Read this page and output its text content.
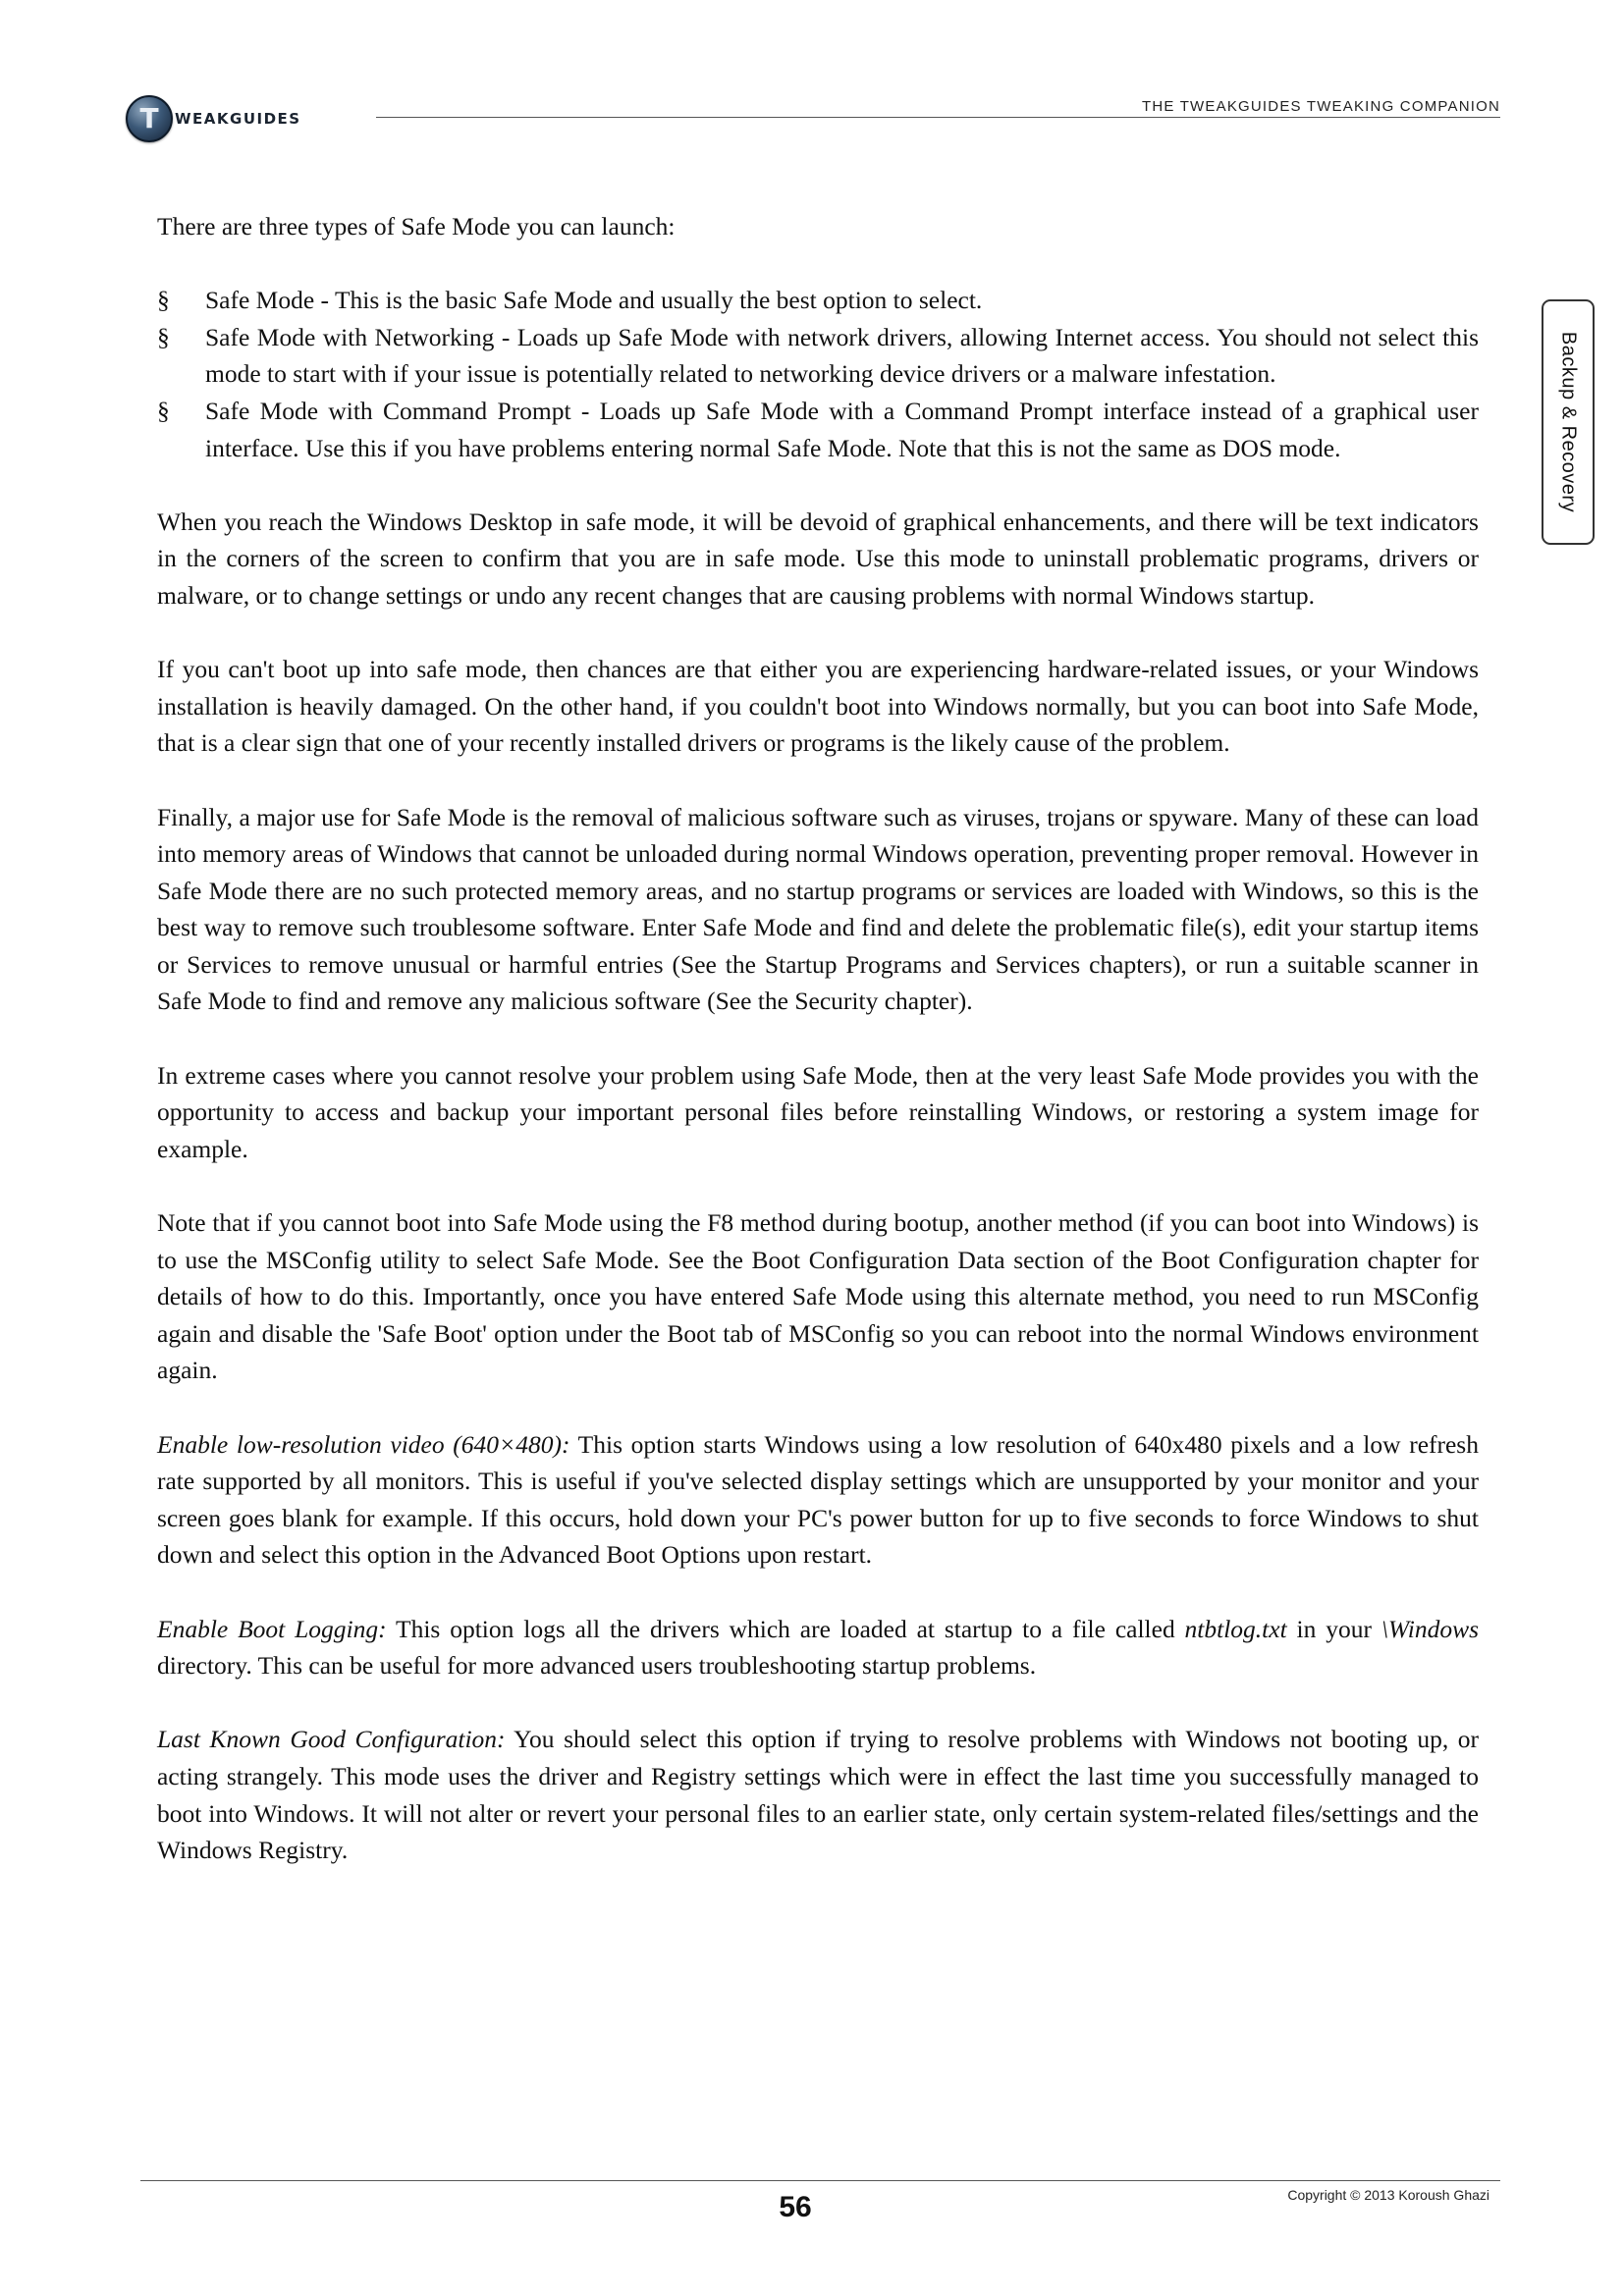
T	WEAKGUIDES
THE TWEAKGUIDES TWEAKING COMPANION
Backup & Recovery

There are three types of Safe Mode you can launch:

§ Safe Mode - This is the basic Safe Mode and usually the best option to select.
§ Safe Mode with Networking - Loads up Safe Mode with network drivers, allowing Internet access. You should not select this mode to start with if your issue is potentially related to networking device drivers or a malware infestation.
§ Safe Mode with Command Prompt - Loads up Safe Mode with a Command Prompt interface instead of a graphical user interface. Use this if you have problems entering normal Safe Mode. Note that this is not the same as DOS mode.

When you reach the Windows Desktop in safe mode, it will be devoid of graphical enhancements, and there will be text indicators in the corners of the screen to confirm that you are in safe mode. Use this mode to uninstall problematic programs, drivers or malware, or to change settings or undo any recent changes that are causing problems with normal Windows startup.

If you can't boot up into safe mode, then chances are that either you are experiencing hardware-related issues, or your Windows installation is heavily damaged. On the other hand, if you couldn't boot into Windows normally, but you can boot into Safe Mode, that is a clear sign that one of your recently installed drivers or programs is the likely cause of the problem.

Finally, a major use for Safe Mode is the removal of malicious software such as viruses, trojans or spyware. Many of these can load into memory areas of Windows that cannot be unloaded during normal Windows operation, preventing proper removal. However in Safe Mode there are no such protected memory areas, and no startup programs or services are loaded with Windows, so this is the best way to remove such troublesome software. Enter Safe Mode and find and delete the problematic file(s), edit your startup items or Services to remove unusual or harmful entries (See the Startup Programs and Services chapters), or run a suitable scanner in Safe Mode to find and remove any malicious software (See the Security chapter).

In extreme cases where you cannot resolve your problem using Safe Mode, then at the very least Safe Mode provides you with the opportunity to access and backup your important personal files before reinstalling Windows, or restoring a system image for example.

Note that if you cannot boot into Safe Mode using the F8 method during bootup, another method (if you can boot into Windows) is to use the MSConfig utility to select Safe Mode. See the Boot Configuration Data section of the Boot Configuration chapter for details of how to do this. Importantly, once you have entered Safe Mode using this alternate method, you need to run MSConfig again and disable the 'Safe Boot' option under the Boot tab of MSConfig so you can reboot into the normal Windows environment again.

Enable low-resolution video (640×480): This option starts Windows using a low resolution of 640x480 pixels and a low refresh rate supported by all monitors. This is useful if you've selected display settings which are unsupported by your monitor and your screen goes blank for example. If this occurs, hold down your PC's power button for up to five seconds to force Windows to shut down and select this option in the Advanced Boot Options upon restart.

Enable Boot Logging: This option logs all the drivers which are loaded at startup to a file called ntbtlog.txt in your \Windows directory. This can be useful for more advanced users troubleshooting startup problems.

Last Known Good Configuration: You should select this option if trying to resolve problems with Windows not booting up, or acting strangely. This mode uses the driver and Registry settings which were in effect the last time you successfully managed to boot into Windows. It will not alter or revert your personal files to an earlier state, only certain system-related files/settings and the Windows Registry.

56	Copyright © 2013 Koroush Ghazi
